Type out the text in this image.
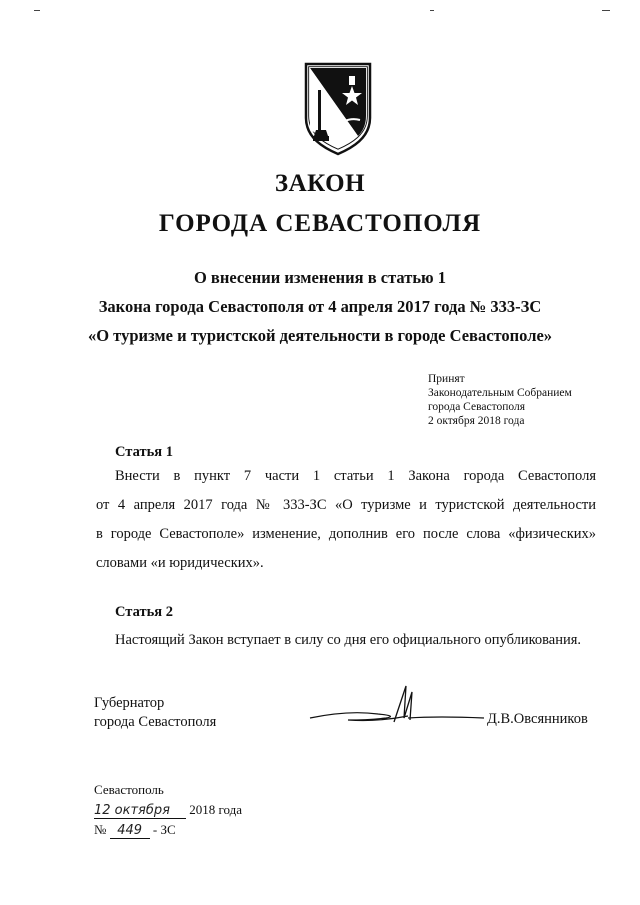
ЗАКОН
ГОРОДА СЕВАСТОПОЛЯ
О внесении изменения в статью 1
Закона города Севастополя от 4 апреля 2017 года № 333-ЗС
«О туризме и туристской деятельности в городе Севастополе»
Принят
Законодательным Собранием
города Севастополя
2 октября 2018 года
Статья 1
Внести в пункт 7 части 1 статьи 1 Закона города Севастополя
от 4 апреля 2017 года № 333-ЗС «О туризме и туристской деятельности
в городе Севастополе» изменение, дополнив его после слова «физических»
словами «и юридических».
Статья 2
Настоящий Закон вступает в силу со дня его официального опубликования.
Губернатор
города Севастополя	Д.В.Овсянников
Севастополь
12 октября 2018 года
№ 449 - ЗС
